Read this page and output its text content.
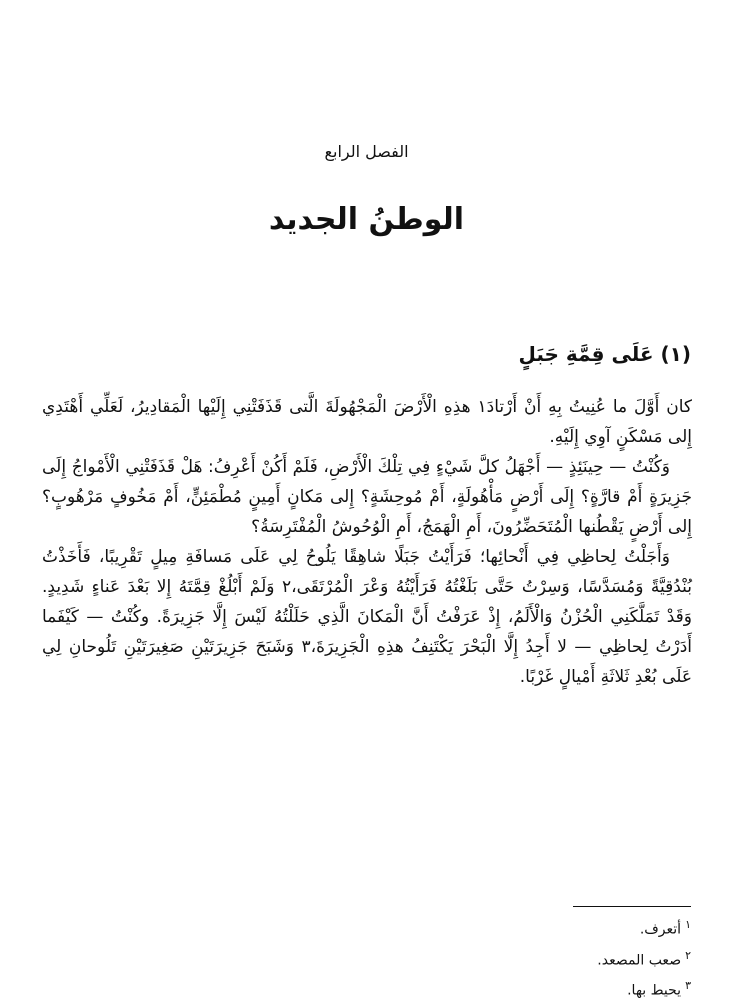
الفصل الرابع
الوطنُ الجديد
(١) عَلَى قِمَّةِ جَبَلٍ

كان أَوَّلَ ما عُنِيتُ بِهِ أَنْ أَرْتادَ١ هذِهِ الْأَرْضَ الْمَجْهُولَةَ الَّتى قَذَفَتْنِي إِلَيْها الْمَقادِيرُ، لَعَلِّي أَهْتَدِي إِلى مَسْكَنٍ آوِي إِلَيْهِ.

وَكُنْتُ — حِينَئِذٍ — أَجْهَلُ كلَّ شَيْءٍ فِي تِلْكَ الْأَرْضِ، فَلَمْ أَكُنْ أَعْرِفُ: هَلْ قَذَفَتْنِي الْأَمْواجُ إِلَى جَزِيرَةٍ أَمْ قارَّةٍ؟ إِلَى أَرْضٍ مَأْهُولَةٍ، أَمْ مُوحِشَةٍ؟ إِلى مَكانٍ أَمِينٍ مُطْمَئِنٍّ، أَمْ مَخُوفٍ مَرْهُوبٍ؟ إِلى أَرْضٍ يَقْطُنها الْمُتَحَضِّرُونَ، أَمِ الْهَمَجُ، أَمِ الْوُحُوشُ الْمُفْتَرِسَةُ؟

وَأَجَلْتُ لِحاظِي فِي أَنْحائِها؛ فَرَأَيْتُ جَبَلًا شاهِقًا يَلُوحُ لِي عَلَى مَسافَةِ مِيلٍ تَقْرِيبًا، فَأَخَذْتُ بُنْدُقِيَّةً وَمُسَدَّسًا، وَسِرْتُ حَتَّى بَلَغْتُهُ فَرَأَيْتُهُ وَعْرَ الْمُرْتَقَى،٢ وَلَمْ أَبْلُغْ قِمَّتَهُ إِلا بَعْدَ عَناءٍ شَدِيدٍ. وَقَدْ تَمَلَّكَنِي الْحُزْنُ وَالْأَلَمُ، إِذْ عَرَفْتُ أَنَّ الْمَكانَ الَّذِي حَلَلْتُهُ لَيْسَ إِلَّا جَزِيرَةً. وكُنْتُ — كَيْفَما أَدَرْتُ لِحاظِي — لا أَجِدُ إِلَّا الْبَحْرَ يَكْتَنِفُ هذِهِ الْجَزِيرَةَ،٣ وَشَبَحَ جَزِيرَتَيْنِ صَغِيرَتَيْنِ تَلُوحانِ لِي عَلَى بُعْدِ ثَلاثَةِ أَمْيالٍ غَرْبًا.

$^١$أتعرف.
$^٢$صعب المصعد.
$^٣$يحيط بها.
